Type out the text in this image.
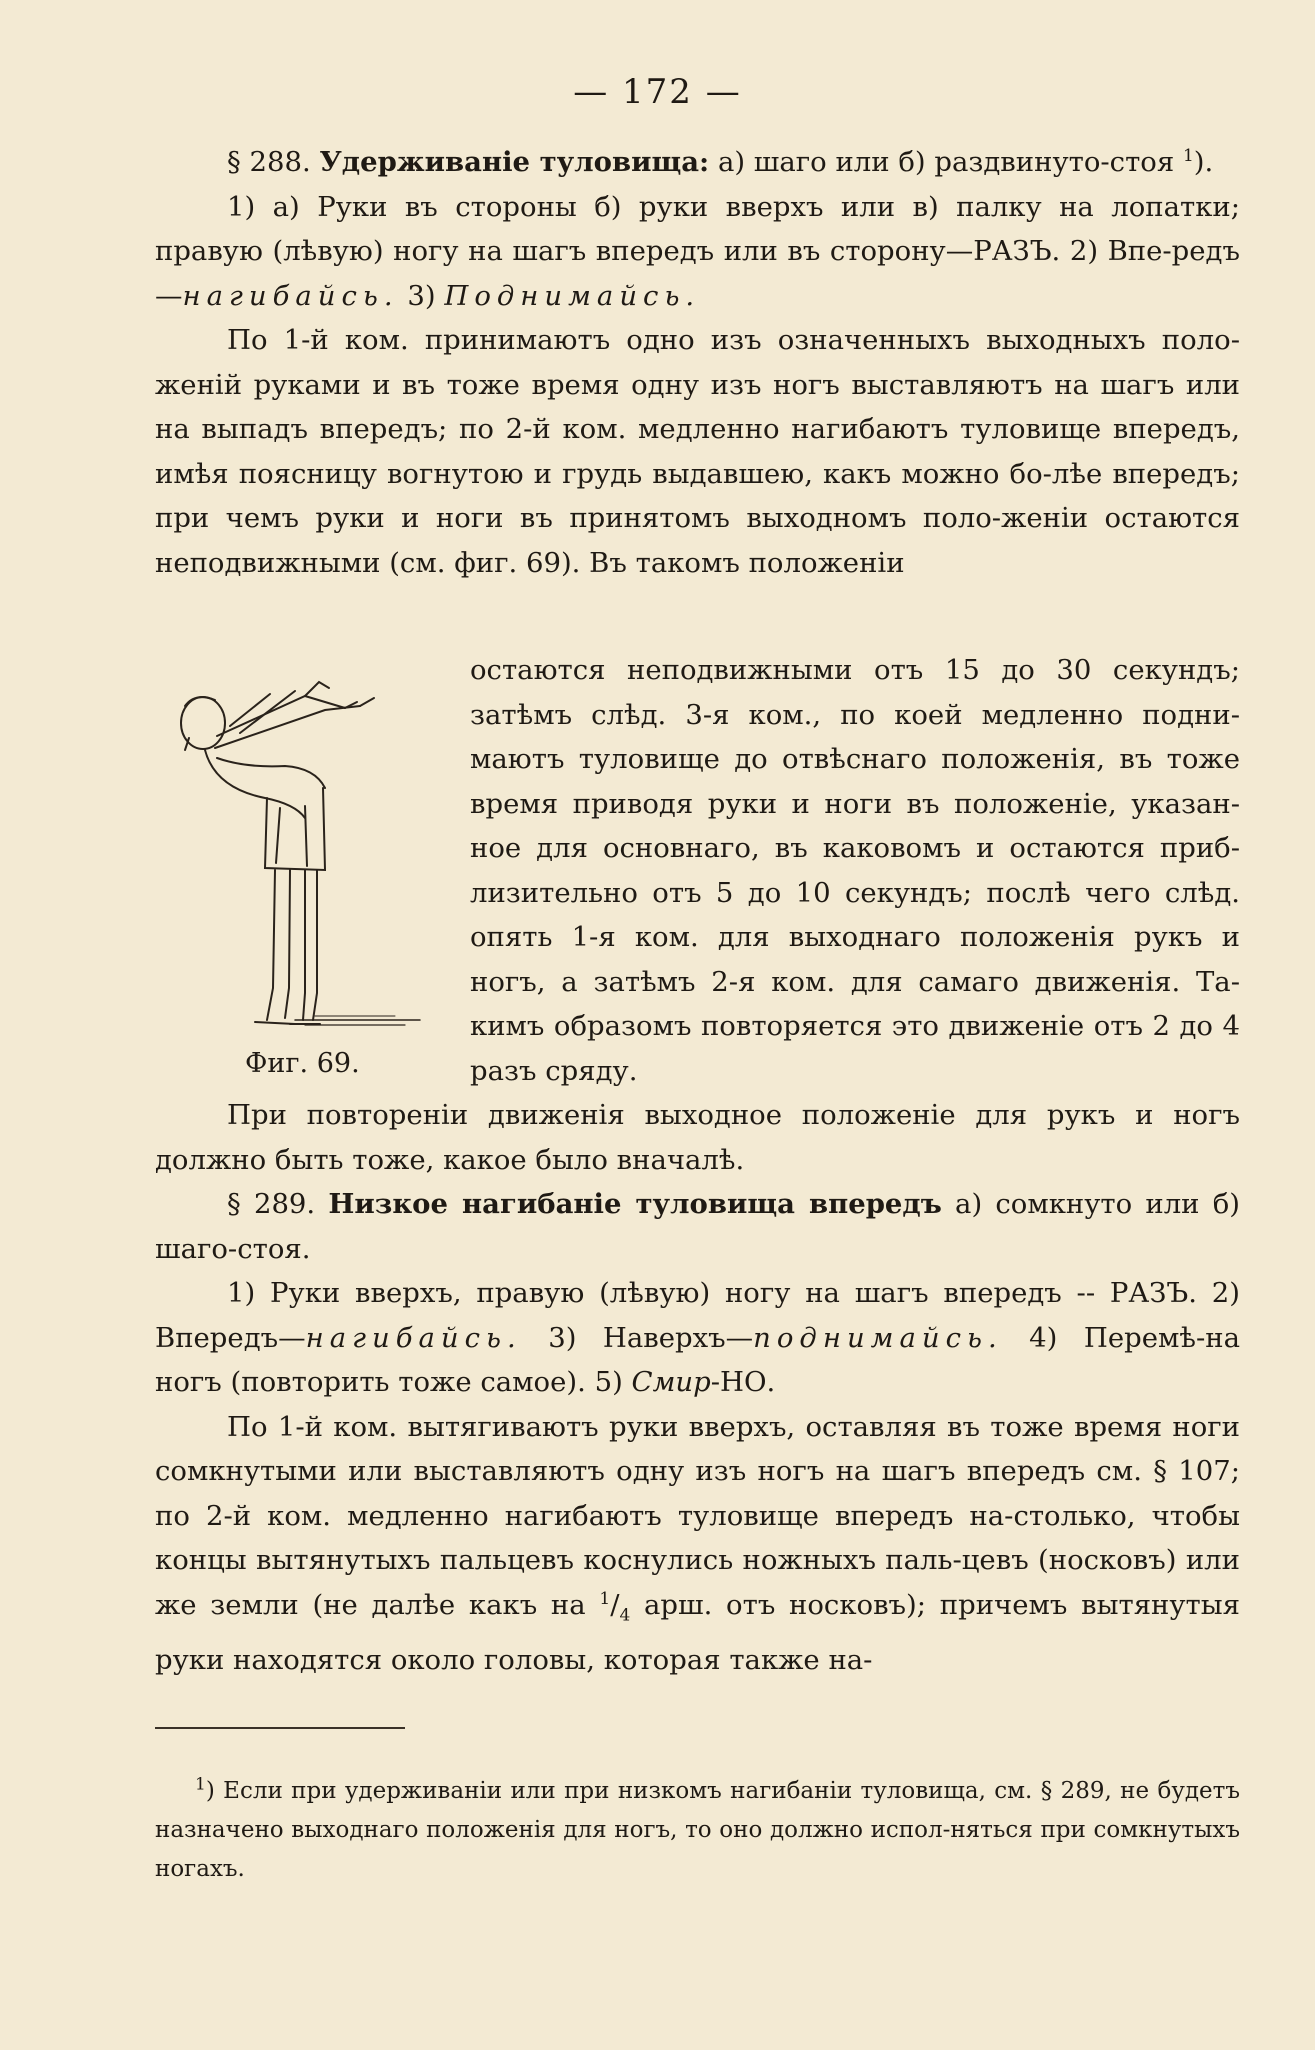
— 172 —

§ 288. Удерживаніе туловища: а) шаго или б) раздвинуто-стоя $^1$).

1) а) Руки въ стороны б) руки вверхъ или в) палку на лопатки; правую (лѣвую) ногу на шагъ впередъ или въ сторону—РАЗЪ. 2) Впе-редъ—нагибайсь. 3) Поднимайсь.

По 1-й ком. принимаютъ одно изъ означенныхъ выходныхъ поло-женій руками и въ тоже время одну изъ ногъ выставляютъ на шагъ или на выпадъ впередъ; по 2-й ком. медленно нагибаютъ туловище впередъ, имѣя поясницу вогнутою и грудь выдавшею, какъ можно бо-лѣе впередъ; при чемъ руки и ноги въ принятомъ выходномъ поло-женіи остаются неподвижными (см. фиг. 69). Въ такомъ положеніи

Фиг. 69.
остаются неподвижными отъ 15 до 30 секундъ; затѣмъ слѣд. 3-я ком., по коей медленно подни-маютъ туловище до отвѣснаго положенія, въ тоже время приводя руки и ноги въ положеніе, указан-ное для основнаго, въ каковомъ и остаются приб-лизительно отъ 5 до 10 секундъ; послѣ чего слѣд. опять 1-я ком. для выходнаго положенія рукъ и ногъ, а затѣмъ 2-я ком. для самаго движенія. Та-кимъ образомъ повторяется это движеніе отъ 2 до 4 разъ сряду.

При повтореніи движенія выходное положеніе для рукъ и ногъ должно быть тоже, какое было вначалѣ.

§ 289. Низкое нагибаніе туловища впередъ а) сомкнуто или б) шаго-стоя.

1) Руки вверхъ, правую (лѣвую) ногу на шагъ впередъ -- РАЗЪ. 2) Впередъ—нагибайсь. 3) Наверхъ—поднимайсь. 4) Перемѣ-на ногъ (повторить тоже самое). 5) Смир-НО.

По 1-й ком. вытягиваютъ руки вверхъ, оставляя въ тоже время ноги сомкнутыми или выставляютъ одну изъ ногъ на шагъ впередъ см. § 107; по 2-й ком. медленно нагибаютъ туловище впередъ на-столько, чтобы концы вытянутыхъ пальцевъ коснулись ножныхъ паль-цевъ (носковъ) или же земли (не далѣе какъ на $^1/_4$ арш. отъ носковъ); причемъ вытянутыя руки находятся около головы, которая также на-

$^1$) Если при удерживаніи или при низкомъ нагибаніи туловища, см. § 289, не будетъ назначено выходнаго положенія для ногъ, то оно должно испол-няться при сомкнутыхъ ногахъ.
